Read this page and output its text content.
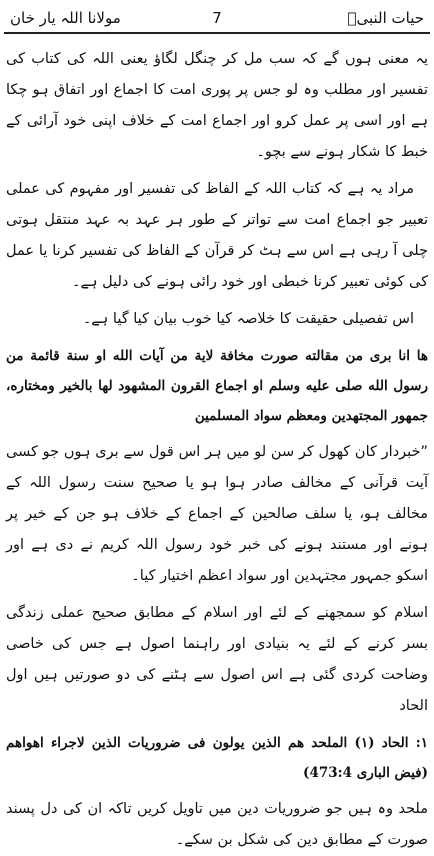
حیات النبیؐ
7
مولانا اللہ یار خان

یہ معنی ہوں گے کہ سب مل کر چنگل لگاؤ یعنی اللہ کی کتاب کی تفسیر اور مطلب وہ لو جس پر پوری امت کا اجماع اور اتفاق ہو چکا ہے اور اسی پر عمل کرو اور اجماع امت کے خلاف اپنی خود آرائی کے خبط کا شکار ہونے سے بچو۔

مراد یہ ہے کہ کتاب اللہ کے الفاظ کی تفسیر اور مفہوم کی عملی تعبیر جو اجماع امت سے تواتر کے طور ہر عہد بہ عہد منتقل ہوتی چلی آ رہی ہے اس سے ہٹ کر قرآن کے الفاظ کی تفسیر کرنا یا عمل کی کوئی تعبیر کرنا خبطی اور خود رائی ہونے کی دلیل ہے۔

اس تفصیلی حقیقت کا خلاصہ کیا خوب بیان کیا گیا ہے۔

ھا انا بری من مقالته صورت مخافة لاية من آيات الله او سنة قائمة من رسول الله صلى عليه وسلم او اجماع القرون المشهود لها بالخير ومختاره، جمهور المجتهدين ومعظم سواد المسلمين

”خبردار کان کھول کر سن لو میں ہر اس قول سے بری ہوں جو کسی آیت قرآنی کے مخالف صادر ہوا ہو یا صحیح سنت رسول اللہ کے مخالف ہو، یا سلف صالحین کے اجماع کے خلاف ہو جن کے خیر پر ہونے اور مستند ہونے کی خبر خود رسول اللہ کریم نے دی ہے اور اسکو جمہور مجتہدین اور سواد اعظم اختیار کیا۔

اسلام کو سمجھنے کے لئے اور اسلام کے مطابق صحیح عملی زندگی بسر کرنے کے لئے یہ بنیادی اور راہنما اصول ہے جس کی خاصی وضاحت کردی گئی ہے اس اصول سے ہٹنے کی دو صورتیں ہیں اول الحاد

۱: الحاد (۱) الملحد هم الذين يولون فى ضروريات الذين لاجراء اهواهم (فيض البارى 473:4)

ملحد وہ ہیں جو ضروریات دین میں تاویل کریں تاکہ ان کی دل پسند صورت کے مطابق دین کی شکل بن سکے۔
